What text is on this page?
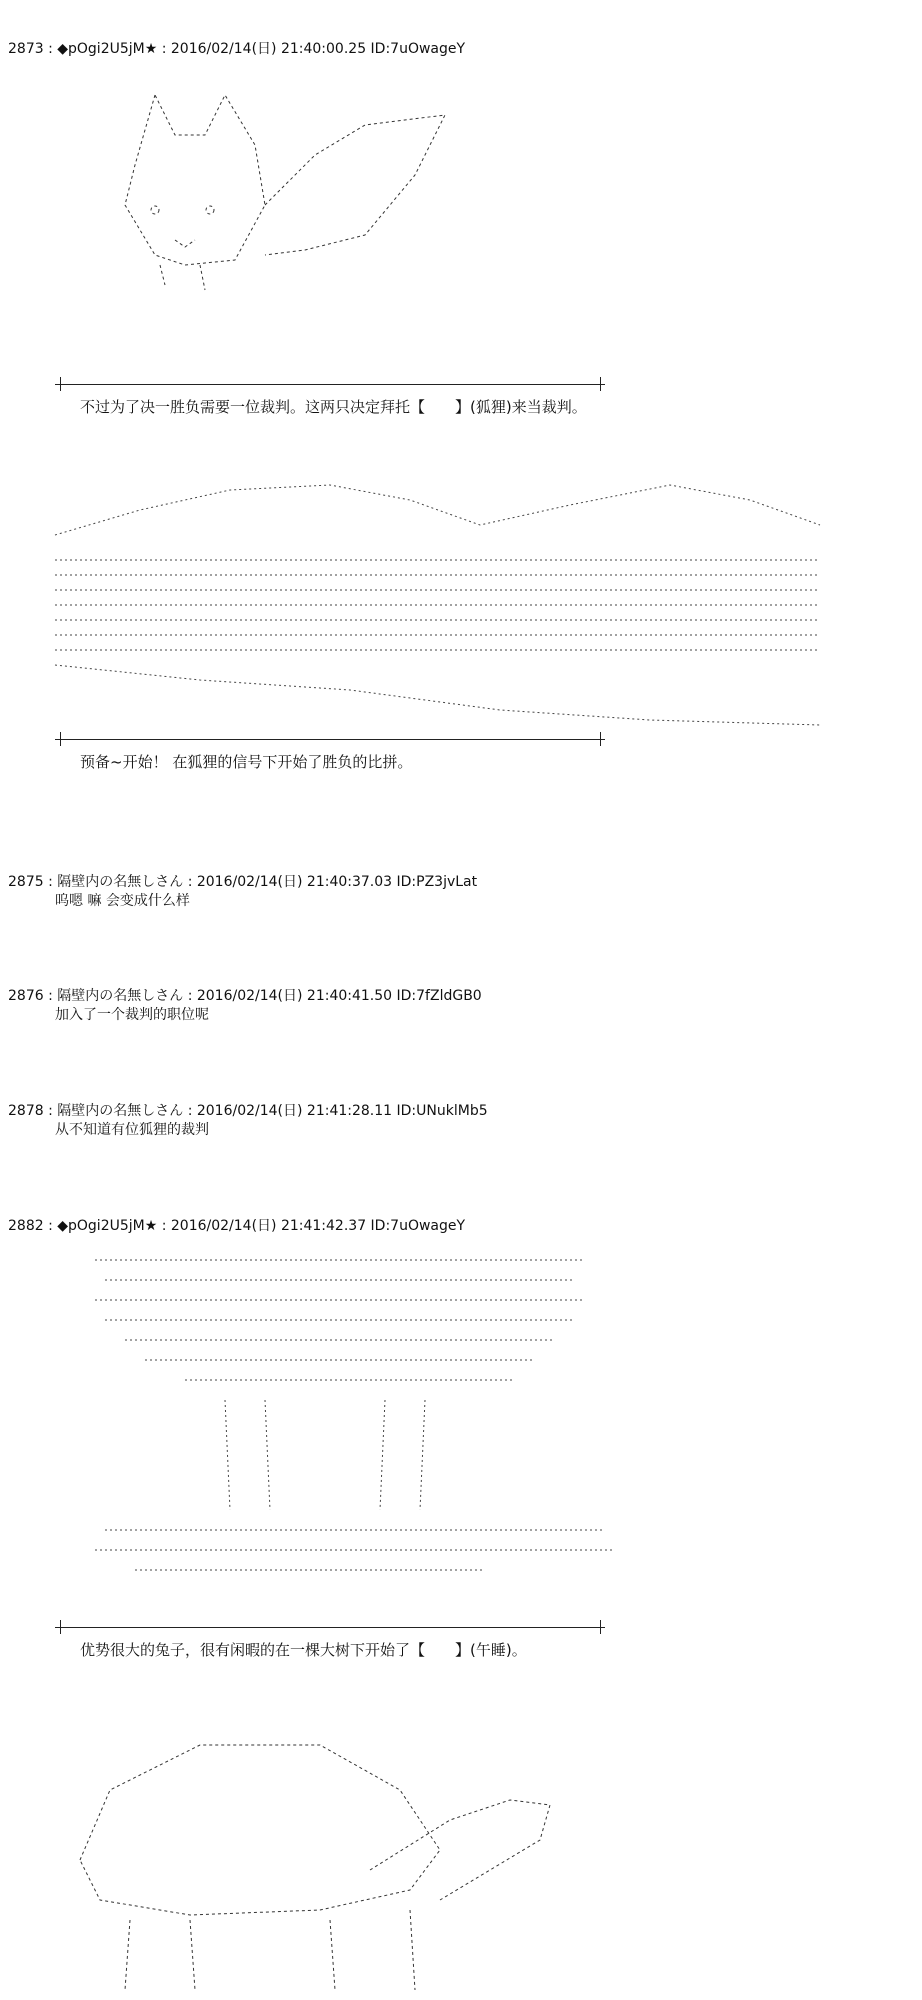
2873 : ◆pOgi2U5jM★ : 2016/02/14(日) 21:40:00.25 ID:7uOwageY
不过为了决一胜负需要一位裁判。这两只决定拜托【　　】(狐狸)来当裁判。
预备~开始！ 在狐狸的信号下开始了胜负的比拼。
2875 : 隔壁内の名無しさん : 2016/02/14(日) 21:40:37.03 ID:PZ3jvLat
呜嗯 嘛 会变成什么样
2876 : 隔壁内の名無しさん : 2016/02/14(日) 21:40:41.50 ID:7fZldGB0
加入了一个裁判的职位呢
2878 : 隔壁内の名無しさん : 2016/02/14(日) 21:41:28.11 ID:UNuklMb5
从不知道有位狐狸的裁判
2882 : ◆pOgi2U5jM★ : 2016/02/14(日) 21:41:42.37 ID:7uOwageY
优势很大的兔子，很有闲暇的在一棵大树下开始了【　　】(午睡)。
